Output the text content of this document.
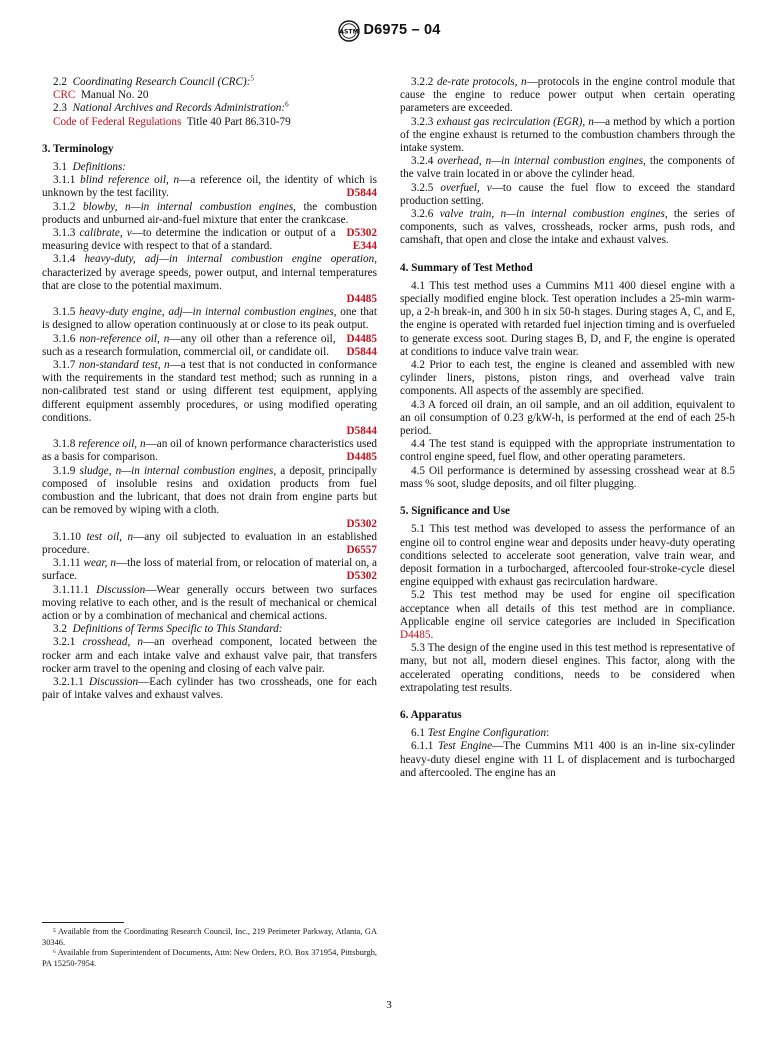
ASTM D6975 – 04

2.2 Coordinating Research Council (CRC):$^5$

CRC Manual No. 20

2.3 National Archives and Records Administration:$^6$

Code of Federal Regulations Title 40 Part 86.310-79

3. Terminology

3.1 Definitions:

3.1.1 blind reference oil, n—a reference oil, the identity of which is unknown by the test facility.	D5844

3.1.2 blowby, n—in internal combustion engines, the combustion products and unburned air-and-fuel mixture that enter the crankcase.
D5302

3.1.3 calibrate, v—to determine the indication or output of a measuring device with respect to that of a standard.	E344

3.1.4 heavy-duty, adj—in internal combustion engine operation, characterized by average speeds, power output, and internal temperatures that are close to the potential maximum.

D4485

3.1.5 heavy-duty engine, adj—in internal combustion engines, one that is designed to allow operation continuously at or close to its peak output.
D4485

3.1.6 non-reference oil, n—any oil other than a reference oil, such as a research formulation, commercial oil, or candidate oil.	D5844

3.1.7 non-standard test, n—a test that is not conducted in conformance with the requirements in the standard test method; such as running in a non-calibrated test stand or using different test equipment, applying different equipment assembly procedures, or using modified operating conditions.

D5844

3.1.8 reference oil, n—an oil of known performance characteristics used as a basis for comparison.	D4485

3.1.9 sludge, n—in internal combustion engines, a deposit, principally composed of insoluble resins and oxidation products from fuel combustion and the lubricant, that does not drain from engine parts but can be removed by wiping with a cloth.

D5302

3.1.10 test oil, n—any oil subjected to evaluation in an established procedure.	D6557

3.1.11 wear, n—the loss of material from, or relocation of material on, a surface.	D5302

3.1.11.1 Discussion—Wear generally occurs between two surfaces moving relative to each other, and is the result of mechanical or chemical action or by a combination of mechanical and chemical actions.

3.2 Definitions of Terms Specific to This Standard:

3.2.1 crosshead, n—an overhead component, located between the rocker arm and each intake valve and exhaust valve pair, that transfers rocker arm travel to the opening and closing of each valve pair.

3.2.1.1 Discussion—Each cylinder has two crossheads, one for each pair of intake valves and exhaust valves.

3.2.2 de-rate protocols, n—protocols in the engine control module that cause the engine to reduce power output when certain operating parameters are exceeded.

3.2.3 exhaust gas recirculation (EGR), n—a method by which a portion of the engine exhaust is returned to the combustion chambers through the intake system.

3.2.4 overhead, n—in internal combustion engines, the components of the valve train located in or above the cylinder head.

3.2.5 overfuel, v—to cause the fuel flow to exceed the standard production setting.

3.2.6 valve train, n—in internal combustion engines, the series of components, such as valves, crossheads, rocker arms, push rods, and camshaft, that open and close the intake and exhaust valves.

4. Summary of Test Method

4.1 This test method uses a Cummins M11 400 diesel engine with a specially modified engine block. Test operation includes a 25-min warm-up, a 2-h break-in, and 300 h in six 50-h stages. During stages A, C, and E, the engine is operated with retarded fuel injection timing and is overfueled to generate excess soot. During stages B, D, and F, the engine is operated at conditions to induce valve train wear.

4.2 Prior to each test, the engine is cleaned and assembled with new cylinder liners, pistons, piston rings, and overhead valve train components. All aspects of the assembly are specified.

4.3 A forced oil drain, an oil sample, and an oil addition, equivalent to an oil consumption of 0.23 g/kW-h, is performed at the end of each 25-h period.

4.4 The test stand is equipped with the appropriate instrumentation to control engine speed, fuel flow, and other operating parameters.

4.5 Oil performance is determined by assessing crosshead wear at 8.5 mass % soot, sludge deposits, and oil filter plugging.

5. Significance and Use

5.1 This test method was developed to assess the performance of an engine oil to control engine wear and deposits under heavy-duty operating conditions selected to accelerate soot generation, valve train wear, and deposit formation in a turbocharged, aftercooled four-stroke-cycle diesel engine equipped with exhaust gas recirculation hardware.

5.2 This test method may be used for engine oil specification acceptance when all details of this test method are in compliance. Applicable engine oil service categories are included in Specification D4485.

5.3 The design of the engine used in this test method is representative of many, but not all, modern diesel engines. This factor, along with the accelerated operating conditions, needs to be considered when extrapolating test results.

6. Apparatus

6.1 Test Engine Configuration:

6.1.1 Test Engine—The Cummins M11 400 is an in-line six-cylinder heavy-duty diesel engine with 11 L of displacement and is turbocharged and aftercooled. The engine has an

⁵ Available from the Coordinating Research Council, Inc., 219 Perimeter Parkway, Atlanta, GA 30346.

⁶ Available from Superintendent of Documents, Attn: New Orders, P.O. Box 371954, Pittsburgh, PA 15250-7954.

3
